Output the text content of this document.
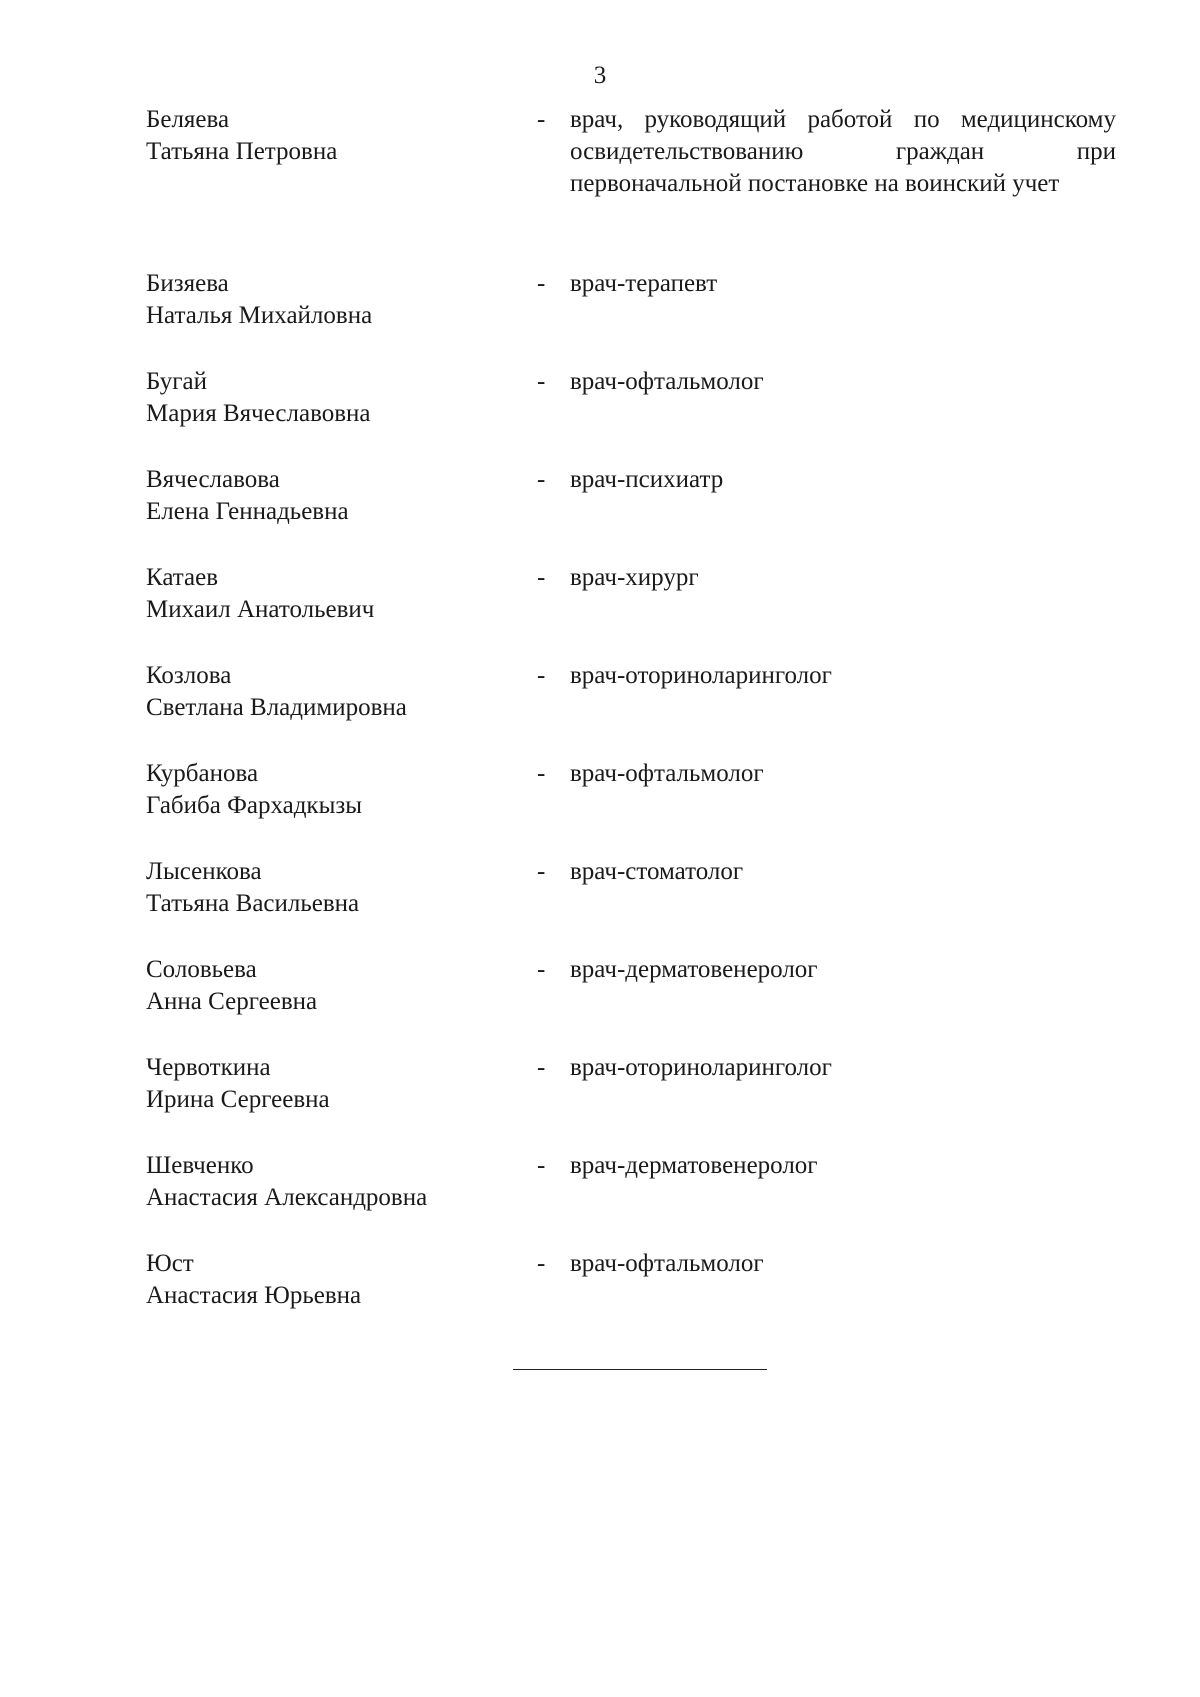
3
Беляева
Татьяна Петровна
- врач, руководящий работой по медицинскому освидетельствованию граждан при первоначальной постановке на воинский учет
Бизяева
Наталья Михайловна
- врач-терапевт
Бугай
Мария Вячеславовна
- врач-офтальмолог
Вячеславова
Елена Геннадьевна
- врач-психиатр
Катаев
Михаил Анатольевич
- врач-хирург
Козлова
Светлана Владимировна
- врач-оториноларинголог
Курбанова
Габиба Фархадкызы
- врач-офтальмолог
Лысенкова
Татьяна Васильевна
- врач-стоматолог
Соловьева
Анна Сергеевна
- врач-дерматовенеролог
Червоткина
Ирина Сергеевна
- врач-оториноларинголог
Шевченко
Анастасия Александровна
- врач-дерматовенеролог
Юст
Анастасия Юрьевна
- врач-офтальмолог
